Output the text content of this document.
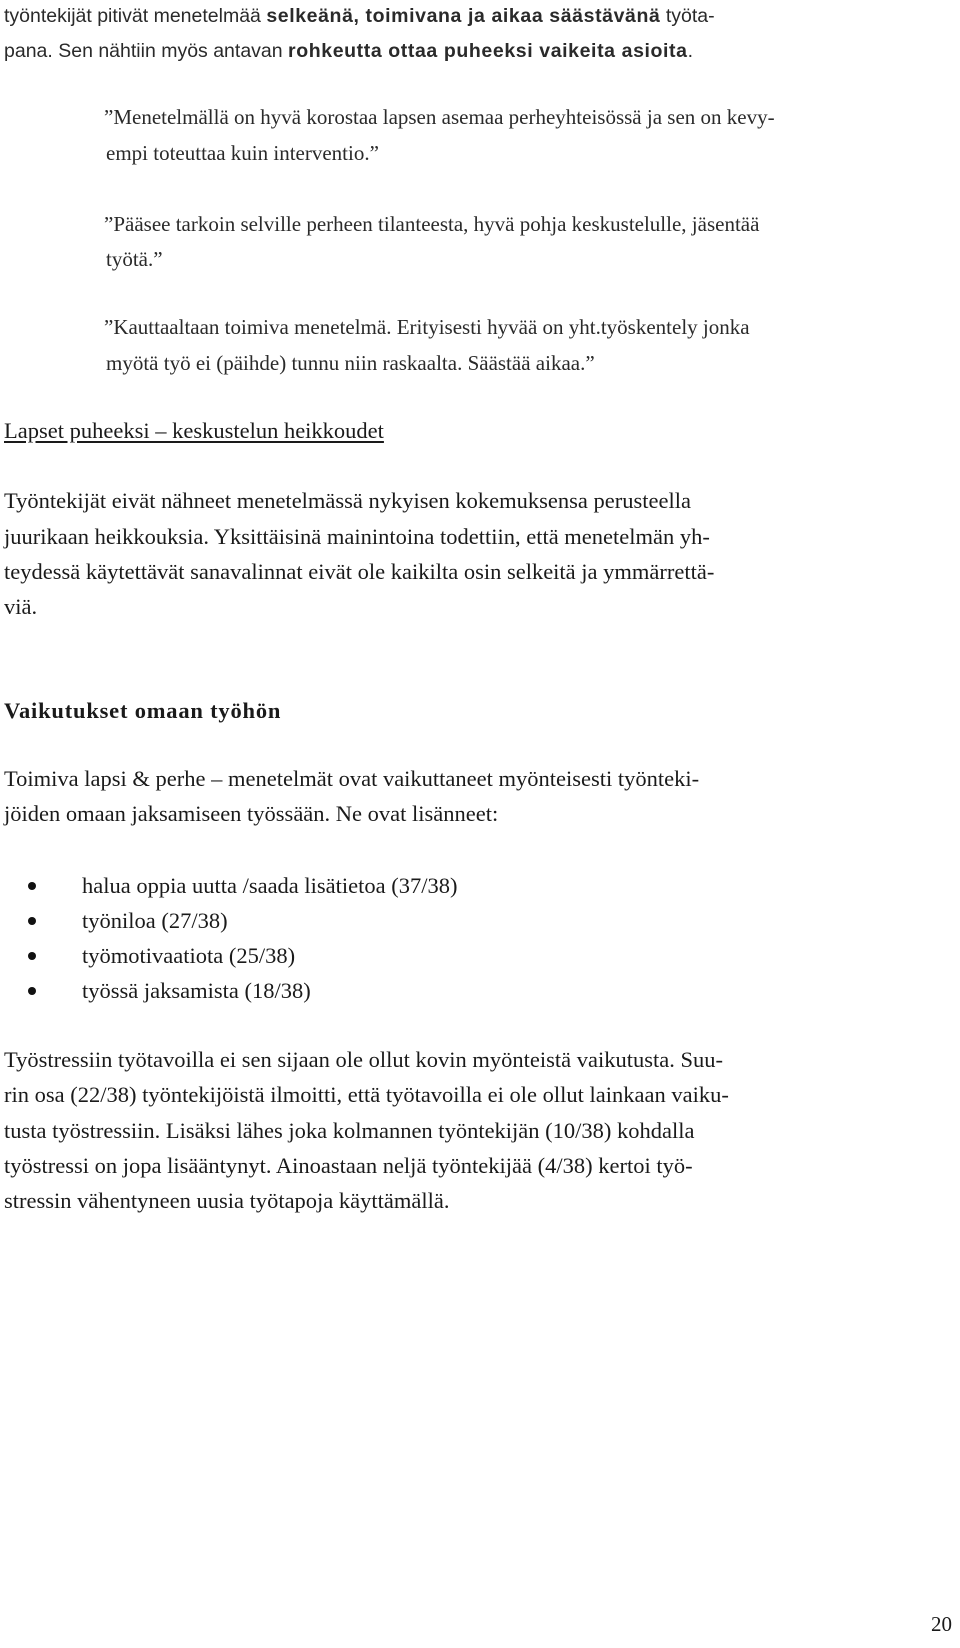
työntekijät pitivät menetelmää selkeänä, toimivana ja aikaa säästävänä työta-
pana. Sen nähtiin myös antavan rohkeutta ottaa puheeksi vaikeita asioita.
”Menetelmällä on hyvä korostaa lapsen asemaa perheyhteisössä ja sen on kevy-
empi toteuttaa kuin interventio.”
”Pääsee tarkoin selville perheen tilanteesta, hyvä pohja keskustelulle, jäsentää
työtä.”
”Kauttaaltaan toimiva menetelmä. Erityisesti hyvää on yht.työskentely jonka
myötä työ ei (päihde) tunnu niin raskaalta. Säästää aikaa.”
Lapset puheeksi – keskustelun heikkoudet
Työntekijät eivät nähneet menetelmässä nykyisen kokemuksensa perusteella
juurikaan heikkouksia. Yksittäisinä mainintoina todettiin, että menetelmän yh-
teydessä käytettävät sanavalinnat eivät ole kaikilta osin selkeitä ja ymmärrettä-
viä.
Vaikutukset omaan työhön
Toimiva lapsi & perhe – menetelmät ovat vaikuttaneet myönteisesti työnteki-
jöiden omaan jaksamiseen työssään. Ne ovat lisänneet:
halua oppia uutta /saada lisätietoa (37/38)
työniloa (27/38)
työmotivaatiota (25/38)
työssä jaksamista (18/38)
Työstressiin työtavoilla ei sen sijaan ole ollut kovin myönteistä vaikutusta. Suu-
rin osa (22/38) työntekijöistä ilmoitti, että työtavoilla ei ole ollut lainkaan vaiku-
tusta työstressiin. Lisäksi lähes joka kolmannen työntekijän (10/38) kohdalla
työstressi on jopa lisääntynyt. Ainoastaan neljä työntekijää (4/38) kertoi työ-
stressin vähentyneen uusia työtapoja käyttämällä.
20
